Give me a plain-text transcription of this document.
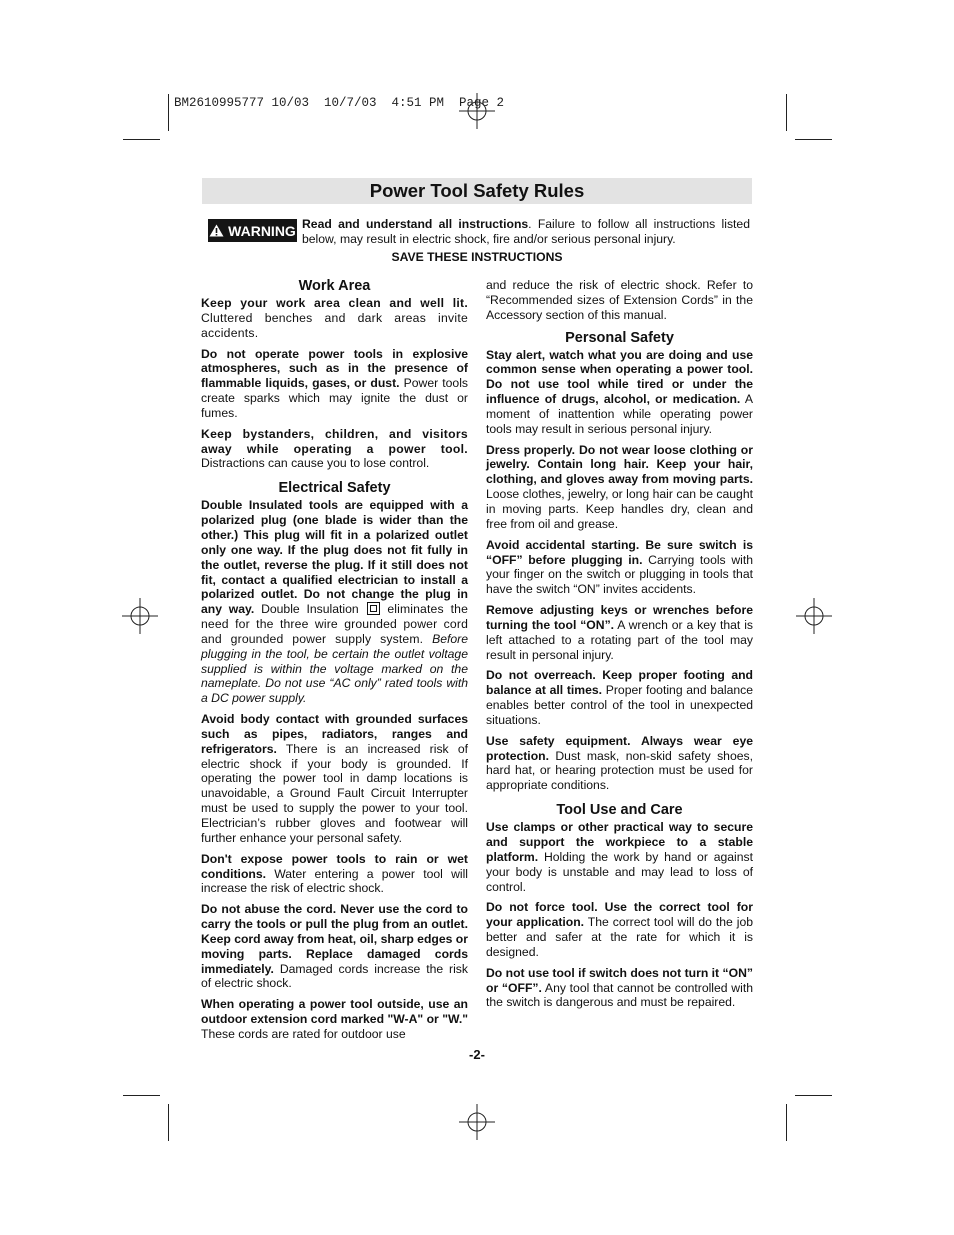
BM2610995777 10/03  10/7/03  4:51 PM  Page 2
Power Tool Safety Rules
WARNING Read and understand all instructions. Failure to follow all instructions listed below, may result in electric shock, fire and/or serious personal injury.
SAVE THESE INSTRUCTIONS
Work Area

Keep your work area clean and well lit. Cluttered benches and dark areas invite accidents.

Do not operate power tools in explosive atmospheres, such as in the presence of flammable liquids, gases, or dust. Power tools create sparks which may ignite the dust or fumes.

Keep bystanders, children, and visitors away while operating a power tool. Distractions can cause you to lose control.

Electrical Safety

Double Insulated tools are equipped with a polarized plug (one blade is wider than the other.) This plug will fit in a polarized outlet only one way. If the plug does not fit fully in the outlet, reverse the plug. If it still does not fit, contact a qualified electrician to install a polarized outlet. Do not change the plug in any way. Double Insulation  eliminates the need for the three wire grounded power cord and grounded power supply system. Before plugging in the tool, be certain the outlet voltage supplied is within the voltage marked on the nameplate. Do not use “AC only” rated tools with a DC power supply.

Avoid body contact with grounded surfaces such as pipes, radiators, ranges and refrigerators. There is an increased risk of electric shock if your body is grounded. If operating the power tool in damp locations is unavoidable, a Ground Fault Circuit Interrupter must be used to supply the power to your tool. Electrician’s rubber gloves and footwear will further enhance your personal safety.

Don't expose power tools to rain or wet conditions. Water entering a power tool will increase the risk of electric shock.

Do not abuse the cord. Never use the cord to carry the tools or pull the plug from an outlet. Keep cord away from heat, oil, sharp edges or moving parts. Replace damaged cords immediately. Damaged cords increase the risk of electric shock.

When operating a power tool outside, use an outdoor extension cord marked "W-A" or "W." These cords are rated for outdoor use

and reduce the risk of electric shock. Refer to “Recommended sizes of Extension Cords” in the Accessory section of this manual.

Personal Safety

Stay alert, watch what you are doing and use common sense when operating a power tool. Do not use tool while tired or under the influence of drugs, alcohol, or medication. A moment of inattention while operating power tools may result in serious personal injury.

Dress properly. Do not wear loose clothing or jewelry. Contain long hair. Keep your hair, clothing, and gloves away from moving parts. Loose clothes, jewelry, or long hair can be caught in moving parts. Keep handles dry, clean and free from oil and grease.

Avoid accidental starting. Be sure switch is “OFF” before plugging in. Carrying tools with your finger on the switch or plugging in tools that have the switch “ON” invites accidents.

Remove adjusting keys or wrenches before turning the tool “ON”. A wrench or a key that is left attached to a rotating part of the tool may result in personal injury.

Do not overreach. Keep proper footing and balance at all times. Proper footing and balance enables better control of the tool in unexpected situations.

Use safety equipment. Always wear eye protection. Dust mask, non-skid safety shoes, hard hat, or hearing protection must be used for appropriate conditions.

Tool Use and Care

Use clamps or other practical way to secure and support the workpiece to a stable platform. Holding the work by hand or against your body is unstable and may lead to loss of control.

Do not force tool. Use the correct tool for your application. The correct tool will do the job better and safer at the rate for which it is designed.

Do not use tool if switch does not turn it “ON” or “OFF”. Any tool that cannot be controlled with the switch is dangerous and must be repaired.

-2-
